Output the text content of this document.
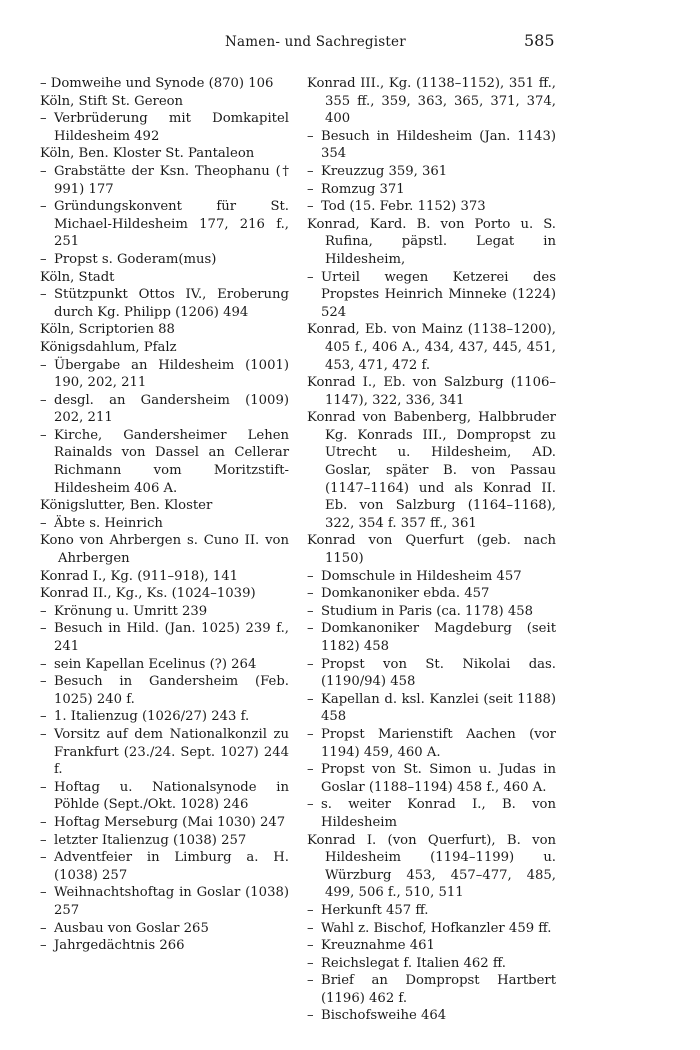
Namen- und Sachregister	585
– Domweihe und Synode (870) 106
Köln, Stift St. Gereon
– Verbrüderung mit Domkapitel Hildesheim 492
Köln, Ben. Kloster St. Pantaleon
– Grabstätte der Ksn. Theophanu († 991) 177
– Gründungskonvent für St. Michael-Hildesheim 177, 216 f., 251
– Propst s. Goderam(mus)
Köln, Stadt
– Stützpunkt Ottos IV., Eroberung durch Kg. Philipp (1206) 494
Köln, Scriptorien 88
Königsdahlum, Pfalz
– Übergabe an Hildesheim (1001) 190, 202, 211
– desgl. an Gandersheim (1009) 202, 211
– Kirche, Gandersheimer Lehen Rainalds von Dassel an Cellerar Richmann vom Moritzstift-Hildesheim 406 A.
Königslutter, Ben. Kloster
– Äbte s. Heinrich
Kono von Ahrbergen s. Cuno II. von Ahrbergen
Konrad I., Kg. (911–918), 141
Konrad II., Kg., Ks. (1024–1039)
– Krönung u. Umritt 239
– Besuch in Hild. (Jan. 1025) 239 f., 241
– sein Kapellan Ecelinus (?) 264
– Besuch in Gandersheim (Feb. 1025) 240 f.
– 1. Italienzug (1026/27) 243 f.
– Vorsitz auf dem Nationalkonzil zu Frankfurt (23./24. Sept. 1027) 244 f.
– Hoftag u. Nationalsynode in Pöhlde (Sept./Okt. 1028) 246
– Hoftag Merseburg (Mai 1030) 247
– letzter Italienzug (1038) 257
– Adventfeier in Limburg a. H. (1038) 257
– Weihnachtshoftag in Goslar (1038) 257
– Ausbau von Goslar 265
– Jahrgedächtnis 266
Konrad III., Kg. (1138–1152), 351 ff., 355 ff., 359, 363, 365, 371, 374, 400
– Besuch in Hildesheim (Jan. 1143) 354
– Kreuzzug 359, 361
– Romzug 371
– Tod (15. Febr. 1152) 373
Konrad, Kard. B. von Porto u. S. Rufina, päpstl. Legat in Hildesheim,
– Urteil wegen Ketzerei des Propstes Heinrich Minneke (1224) 524
Konrad, Eb. von Mainz (1138–1200), 405 f., 406 A., 434, 437, 445, 451, 453, 471, 472 f.
Konrad I., Eb. von Salzburg (1106–1147), 322, 336, 341
Konrad von Babenberg, Halbbruder Kg. Konrads III., Dompropst zu Utrecht u. Hildesheim, AD. Goslar, später B. von Passau (1147–1164) und als Konrad II. Eb. von Salzburg (1164–1168), 322, 354 f. 357 ff., 361
Konrad von Querfurt (geb. nach 1150)
– Domschule in Hildesheim 457
– Domkanoniker ebda. 457
– Studium in Paris (ca. 1178) 458
– Domkanoniker Magdeburg (seit 1182) 458
– Propst von St. Nikolai das. (1190/94) 458
– Kapellan d. ksl. Kanzlei (seit 1188) 458
– Propst Marienstift Aachen (vor 1194) 459, 460 A.
– Propst von St. Simon u. Judas in Goslar (1188–1194) 458 f., 460 A.
– s. weiter Konrad I., B. von Hildesheim
Konrad I. (von Querfurt), B. von Hildesheim (1194–1199) u. Würzburg 453, 457–477, 485, 499, 506 f., 510, 511
– Herkunft 457 ff.
– Wahl z. Bischof, Hofkanzler 459 ff.
– Kreuznahme 461
– Reichslegat f. Italien 462 ff.
– Brief an Dompropst Hartbert (1196) 462 f.
– Bischofsweihe 464
